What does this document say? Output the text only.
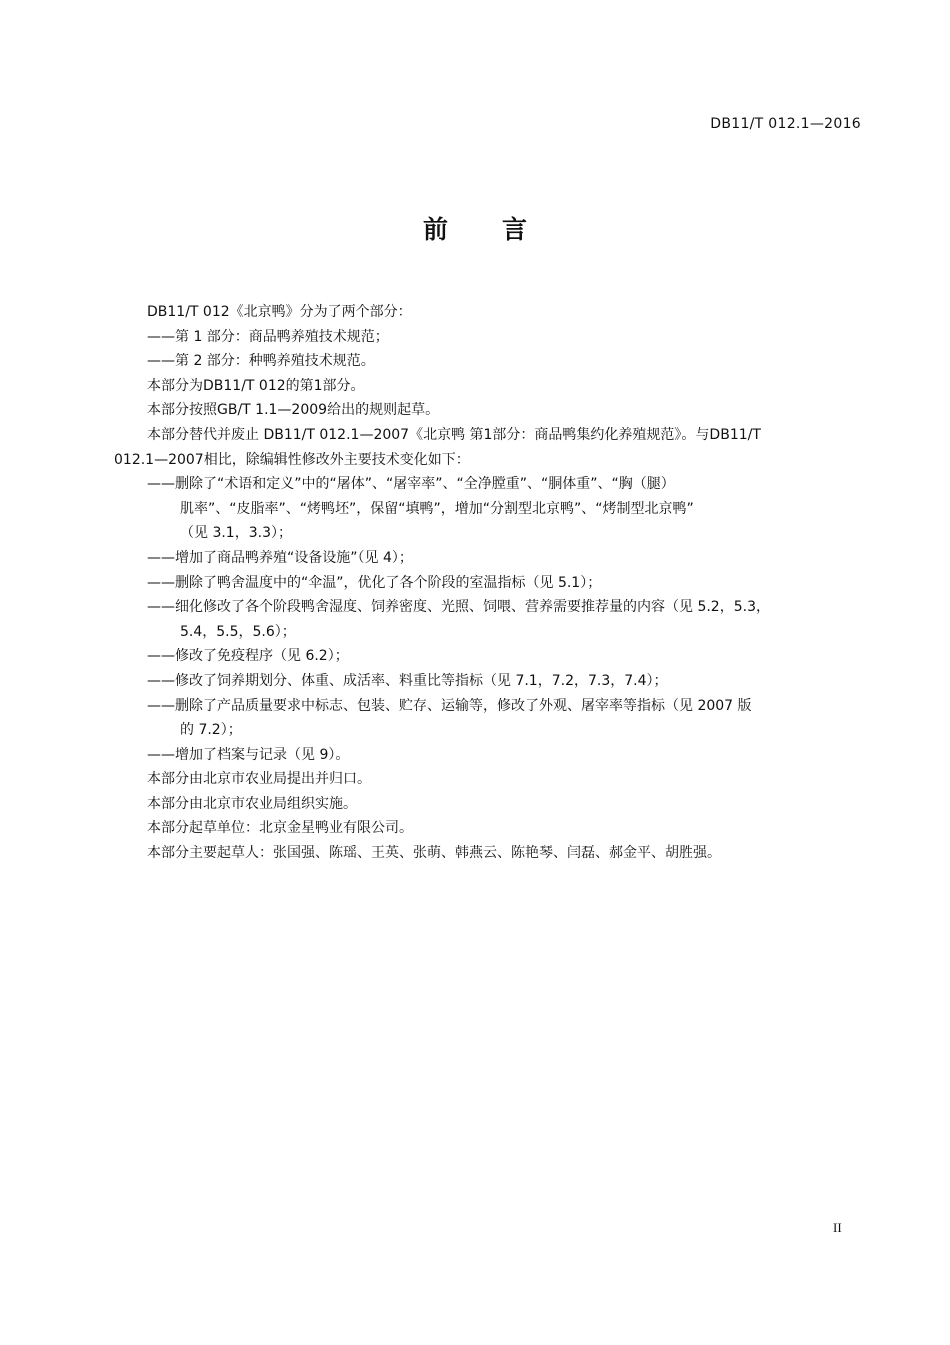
DB11/T 012.1—2016
前 言

DB11/T 012《北京鸭》分为了两个部分：

——第 1 部分：商品鸭养殖技术规范；

——第 2 部分：种鸭养殖技术规范。

本部分为DB11/T 012的第1部分。

本部分按照GB/T 1.1—2009给出的规则起草。

本部分替代并废止 DB11/T 012.1—2007《北京鸭 第1部分：商品鸭集约化养殖规范》。与DB11/T
012.1—2007相比，除编辑性修改外主要技术变化如下：

——删除了“术语和定义”中的“屠体”、“屠宰率”、“全净膛重”、“胴体重”、“胸（腿）
肌率”、“皮脂率”、“烤鸭坯”，保留“填鸭”，增加“分割型北京鸭”、“烤制型北京鸭”
（见 3.1，3.3）；
——增加了商品鸭养殖“设备设施”（见 4）；
——删除了鸭舍温度中的“伞温”，优化了各个阶段的室温指标（见 5.1）；
——细化修改了各个阶段鸭舍湿度、饲养密度、光照、饲喂、营养需要推荐量的内容（见 5.2，5.3，
5.4，5.5，5.6）；
——修改了免疫程序（见 6.2）；
——修改了饲养期划分、体重、成活率、料重比等指标（见 7.1，7.2，7.3，7.4）；
——删除了产品质量要求中标志、包装、贮存、运输等，修改了外观、屠宰率等指标（见 2007 版
的 7.2）；
——增加了档案与记录（见 9）。

本部分由北京市农业局提出并归口。

本部分由北京市农业局组织实施。

本部分起草单位：北京金星鸭业有限公司。

本部分主要起草人：张国强、陈瑶、王英、张萌、韩燕云、陈艳琴、闫磊、郝金平、胡胜强。

II
